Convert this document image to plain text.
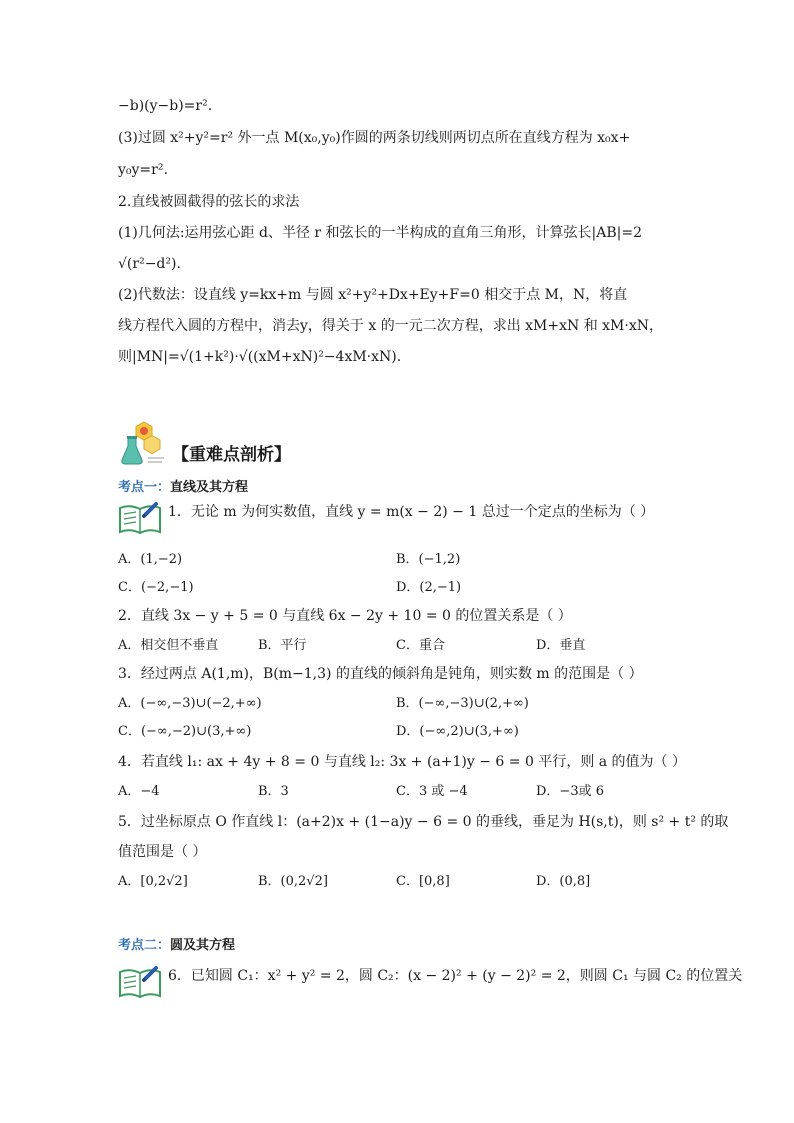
−b)(y−b)=r².
(3)过圆 x²+y²=r² 外一点 M(x₀,y₀)作圆的两条切线则两切点所在直线方程为 x₀x+
y₀y=r².
2.直线被圆截得的弦长的求法
(1)几何法:运用弦心距 d、半径 r 和弦长的一半构成的直角三角形，计算弦长|AB|=2
√(r²−d²).
(2)代数法：设直线 y=kx+m 与圆 x²+y²+Dx+Ey+F=0 相交于点 M，N，将直
线方程代入圆的方程中，消去y，得关于 x 的一元二次方程，求出 xM+xN 和 xM·xN，
则|MN|=√(1+k²)·√((xM+xN)²−4xM·xN).
【重难点剖析】
考点一：直线及其方程
1．无论 m 为何实数值，直线 y = m(x − 2) − 1 总过一个定点的坐标为（ ）
A．(1,−2)	B．(−1,2)
C．(−2,−1)	D．(2,−1)
2．直线 3x − y + 5 = 0 与直线 6x − 2y + 10 = 0 的位置关系是（ ）
A．相交但不垂直	B．平行	C．重合	D．垂直
3．经过两点 A(1,m)，B(m−1,3) 的直线的倾斜角是钝角，则实数 m 的范围是（ ）
A．(−∞,−3)∪(−2,+∞)	B．(−∞,−3)∪(2,+∞)
C．(−∞,−2)∪(3,+∞)	D．(−∞,2)∪(3,+∞)
4．若直线 l₁: ax + 4y + 8 = 0 与直线 l₂: 3x + (a+1)y − 6 = 0 平行，则 a 的值为（ ）
A．−4	B．3	C．3 或 −4	D．−3或 6
5．过坐标原点 O 作直线 l：(a+2)x + (1−a)y − 6 = 0 的垂线，垂足为 H(s,t)，则 s² + t² 的取
值范围是（ ）
A．[0,2√2]	B．(0,2√2]	C．[0,8]	D．(0,8]
考点二：圆及其方程
6．已知圆 C₁：x² + y² = 2，圆 C₂：(x − 2)² + (y − 2)² = 2，则圆 C₁ 与圆 C₂ 的位置关
